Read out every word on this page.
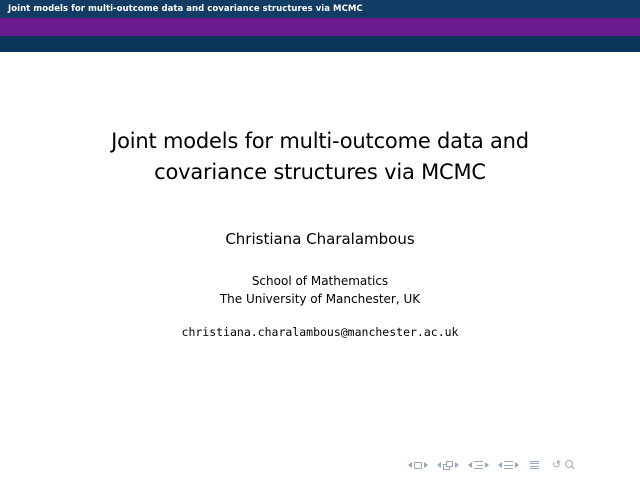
Joint models for multi-outcome data and covariance structures via MCMC
Joint models for multi-outcome data and
covariance structures via MCMC
Christiana Charalambous
School of Mathematics
The University of Manchester, UK
christiana.charalambous@manchester.ac.uk
↺
